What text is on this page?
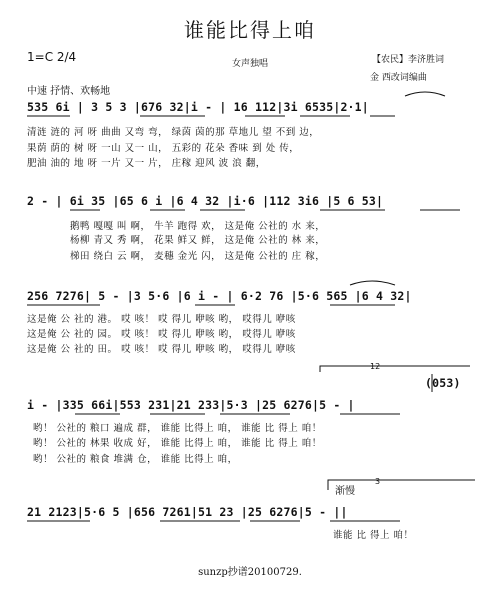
谁能比得上咱
1=C 2/4	女声独唱	【农民】李济胜词
金 西改词编曲
中速 抒情、欢畅地
535 6i | 3 5 3 |676 32|i - | 16 112|3i 6535|2·1|
清涟 涟的 河 呀 曲曲 又弯 弯， 绿茵 茵的那 草地儿 望 不到 边，
果荫 荫的 树 呀 一山 又一 山， 五彩的 花朵 香味 到 处 传，
肥油 油的 地 呀 一片 又一 片， 庄稼 迎风 波 浪 翻，
2 - | 6i 35 |65 6 i |6 4 32 |i·6 |112 3i6 |5 6 53|
鹅鸭 嘎嘎 叫 啊， 牛羊 跑得 欢， 这是俺 公社的 水 来，
杨柳 青又 秀 啊， 花果 鲜又 鲜， 这是俺 公社的 林 来，
梯田 绕白 云 啊， 麦穗 金光 闪， 这是俺 公社的 庄 稼，
256 7276| 5 - |3 5·6 |6 i - | 6·2 76 |5·6 565 |6 4 32|
这是俺 公 社的 港。 哎 咳！ 哎 得儿 咿咳 哟， 哎得儿 咿咳
这是俺 公 社的 园。 哎 咳！ 哎 得儿 咿咳 哟， 哎得儿 咿咳
这是俺 公 社的 田。 哎 咳！ 哎 得儿 咿咳 哟， 哎得儿 咿咳
12
(053)
i - |335 66i|553 231|21 233|5·3 |25 6276|5 - |
哟！ 公社的 粮口 遍成 群， 谁能 比得上 咱， 谁能 比 得上 咱！
哟！ 公社的 林果 收成 好， 谁能 比得上 咱， 谁能 比 得上 咱！
哟！ 公社的 粮食 堆满 仓， 谁能 比得上 咱，
3
渐慢
21 2123|5·6 5 |656 7261|51 23 |25 6276|5 - ||
谁能 比 得上 咱！
sunzp抄谱20100729.
